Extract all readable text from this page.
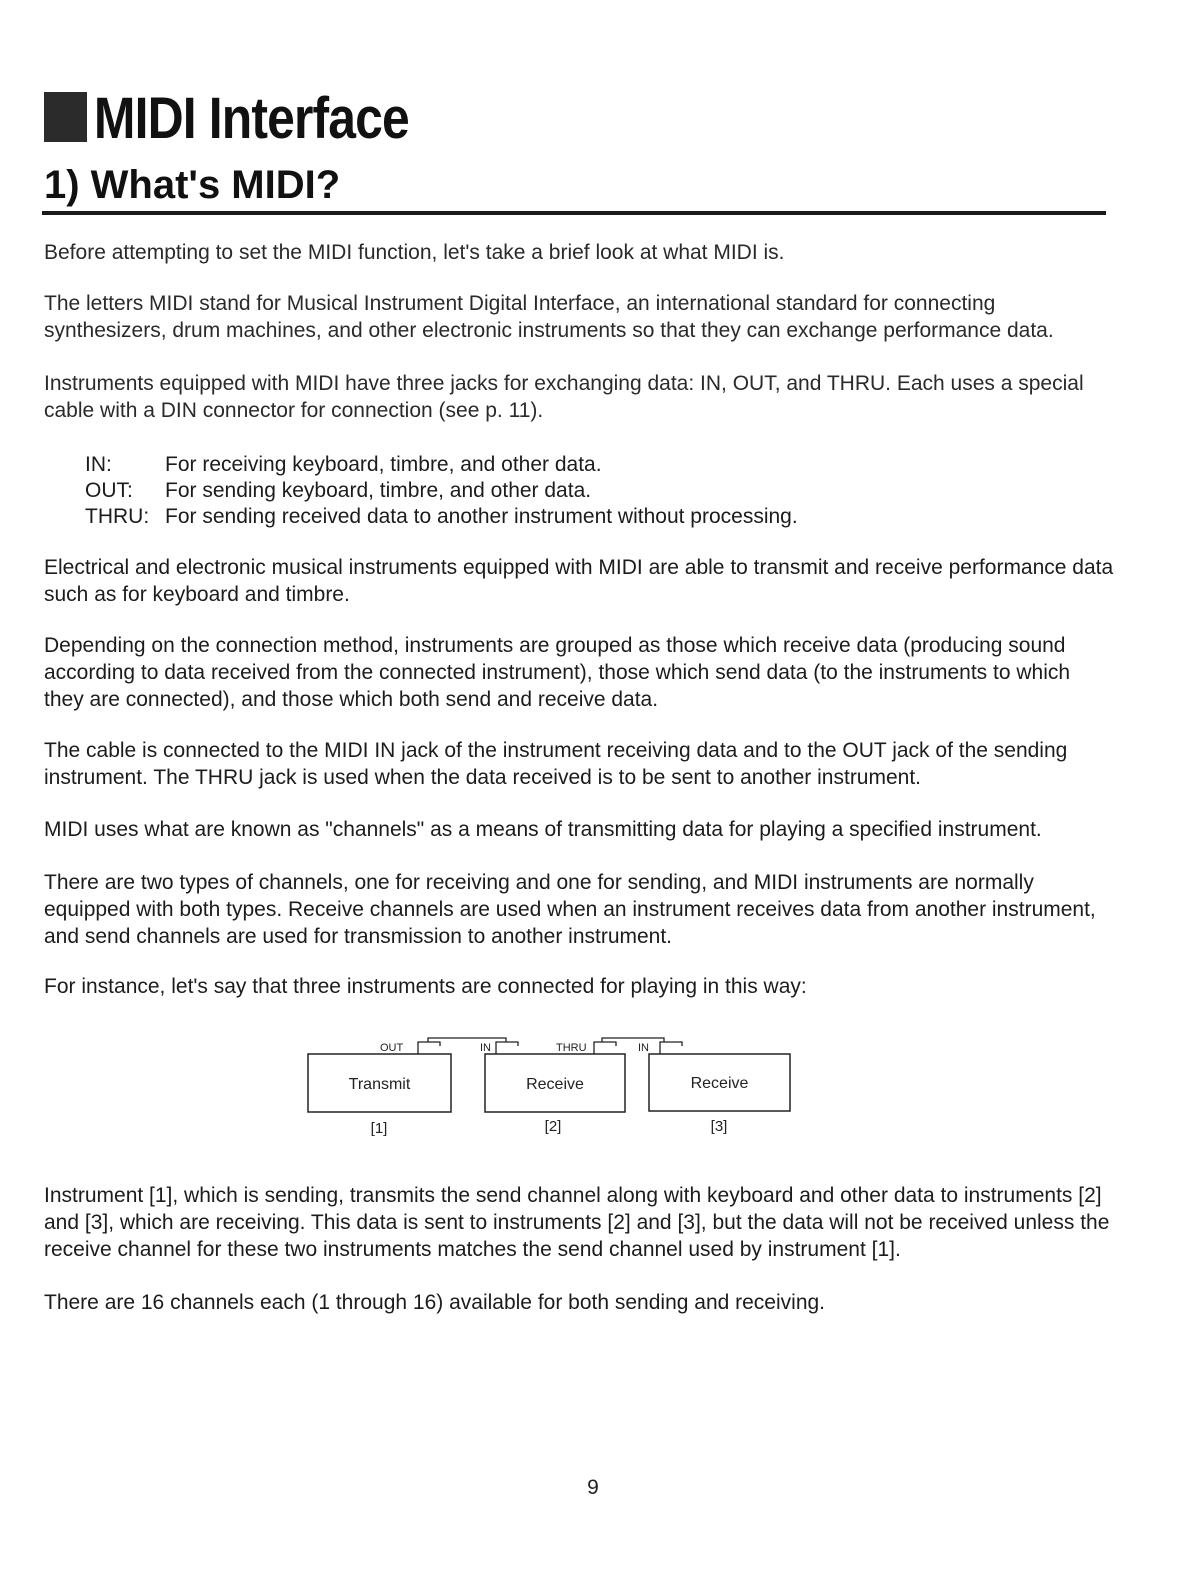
MIDI Interface
1) What's MIDI?

Before attempting to set the MIDI function, let's take a brief look at what MIDI is.

The letters MIDI stand for Musical Instrument Digital Interface, an international standard for connecting synthesizers, drum machines, and other electronic instruments so that they can exchange performance data.

Instruments equipped with MIDI have three jacks for exchanging data: IN, OUT, and THRU. Each uses a special cable with a DIN connector for connection (see p. 11).

IN:	For receiving keyboard, timbre, and other data.
OUT:	For sending keyboard, timbre, and other data.
THRU: For sending received data to another instrument without processing.

Electrical and electronic musical instruments equipped with MIDI are able to transmit and receive performance data such as for keyboard and timbre.

Depending on the connection method, instruments are grouped as those which receive data (producing sound according to data received from the connected instrument), those which send data (to the instruments to which they are connected), and those which both send and receive data.

The cable is connected to the MIDI IN jack of the instrument receiving data and to the OUT jack of the sending instrument. The THRU jack is used when the data received is to be sent to another instrument.

MIDI uses what are known as "channels" as a means of transmitting data for playing a specified instrument.

There are two types of channels, one for receiving and one for sending, and MIDI instruments are normally equipped with both types. Receive channels are used when an instrument receives data from another instrument, and send channels are used for transmission to another instrument.

For instance, let's say that three instruments are connected for playing in this way:

OUT	IN	THRU	IN
Transmit	Receive	Receive
[1]	[2]	[3]

Instrument [1], which is sending, transmits the send channel along with keyboard and other data to instruments [2] and [3], which are receiving. This data is sent to instruments [2] and [3], but the data will not be received unless the receive channel for these two instruments matches the send channel used by instrument [1].

There are 16 channels each (1 through 16) available for both sending and receiving.

9
